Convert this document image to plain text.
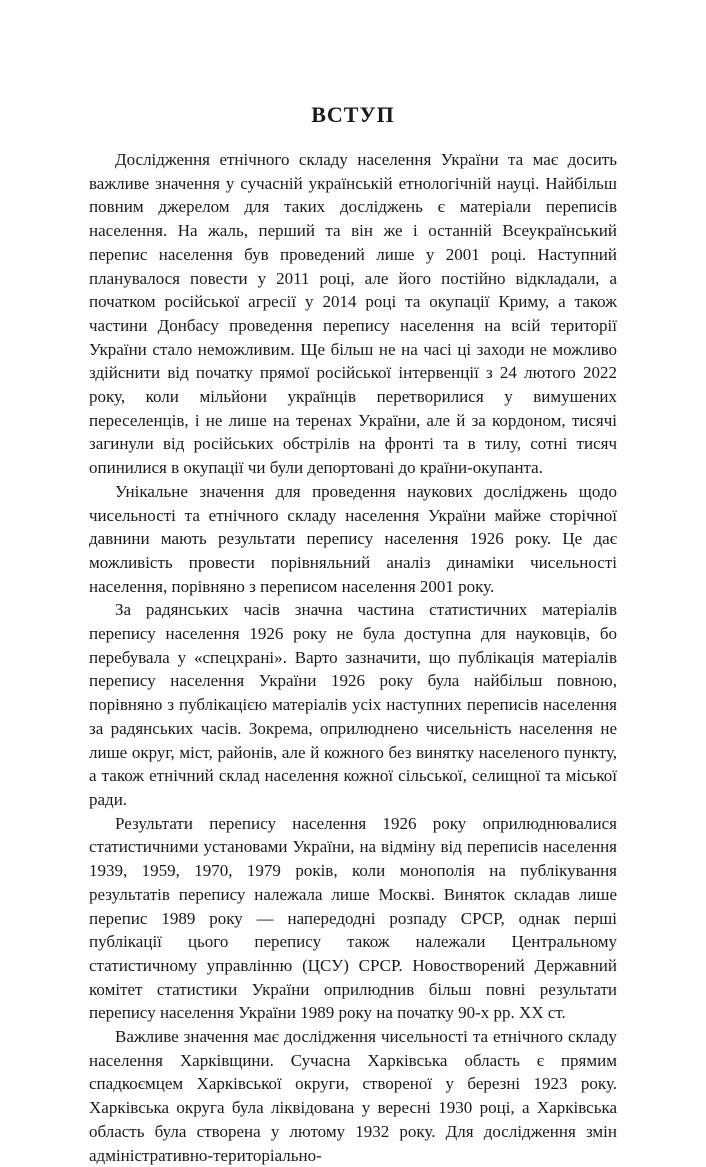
ВСТУП

Дослідження етнічного складу населення України та має досить важливе значення у сучасній українській етнологічній науці. Найбільш повним джерелом для таких досліджень є матеріали переписів населення. На жаль, перший та він же і останній Всеукраїнський перепис населення був проведений лише у 2001 році. Наступний планувалося повести у 2011 році, але його постійно відкладали, а початком російської агресії у 2014 році та окупації Криму, а також частини Донбасу проведення перепису населення на всій території України стало неможливим. Ще більш не на часі ці заходи не можливо здійснити від початку прямої російської інтервенції з 24 лютого 2022 року, коли мільйони українців перетворилися у вимушених переселенців, і не лише на теренах України, але й за кордоном, тисячі загинули від російських обстрілів на фронті та в тилу, сотні тисяч опинилися в окупації чи були депортовані до країни-окупанта.

Унікальне значення для проведення наукових досліджень щодо чисельності та етнічного складу населення України майже сторічної давнини мають результати перепису населення 1926 року. Це дає можливість провести порівняльний аналіз динаміки чисельності населення, порівняно з переписом населення 2001 року.

За радянських часів значна частина статистичних матеріалів перепису населення 1926 року не була доступна для науковців, бо перебувала у «спецхрані». Варто зазначити, що публікація матеріалів перепису населення України 1926 року була найбільш повною, порівняно з публікацією матеріалів усіх наступних переписів населення за радянських часів. Зокрема, оприлюднено чисельність населення не лише округ, міст, районів, але й кожного без винятку населеного пункту, а також етнічний склад населення кожної сільської, селищної та міської ради.

Результати перепису населення 1926 року оприлюднювалися статистичними установами України, на відміну від переписів населення 1939, 1959, 1970, 1979 років, коли монополія на публікування результатів перепису належала лише Москві. Виняток складав лише перепис 1989 року — напередодні розпаду СРСР, однак перші публікації цього перепису також належали Центральному статистичному управлінню (ЦСУ) СРСР. Новостворений Державний комітет статистики України оприлюднив більш повні результати перепису населення України 1989 року на початку 90-х рр. ХХ ст.

Важливе значення має дослідження чисельності та етнічного складу населення Харківщини. Сучасна Харківська область є прямим спадкоємцем Харківської округи, створеної у березні 1923 року. Харківська округа була ліквідована у вересні 1930 році, а Харківська область була створена у лютому 1932 року. Для дослідження змін адміністративно-територіально-
